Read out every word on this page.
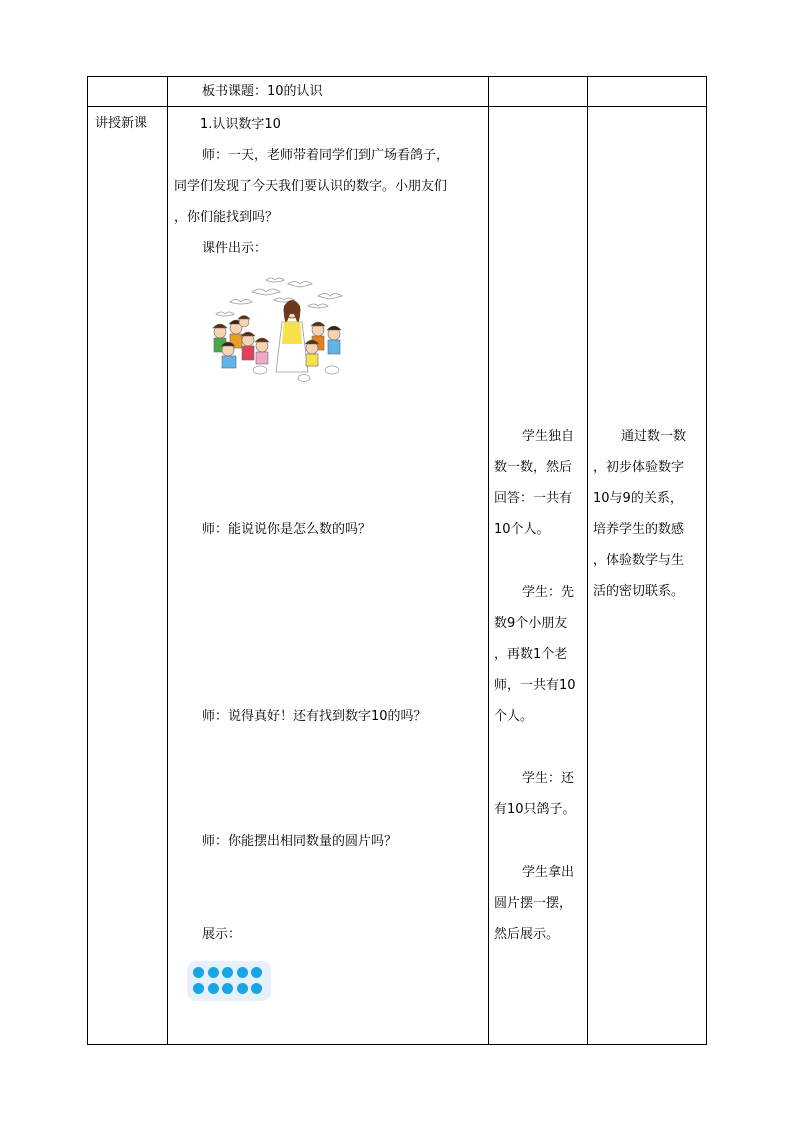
板书课题：10的认识
讲授新课	1.认识数字10

师：一天，老师带着同学们到广场看鸽子，

同学们发现了今天我们要认识的数字。小朋友们

，你们能找到吗？

课件出示：
师：能说说你是怎么数的吗？
师：说得真好！还有找到数字10的吗？
师：你能摆出相同数量的圆片吗？
展示：

学生独自

数一数，然后

回答：一共有

10个人。

学生：先

数9个小朋友

，再数1个老

师，一共有10

个人。

学生：还

有10只鸽子。

学生拿出

圆片摆一摆，

然后展示。

通过数一数

，初步体验数字

10与9的关系，

培养学生的数感

，体验数学与生

活的密切联系。
